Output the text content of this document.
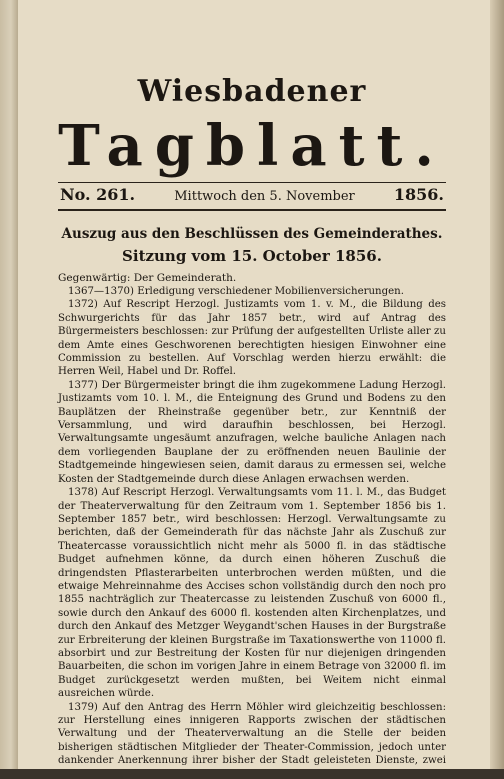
Wiesbadener
Tagblatt.
No. 261.	Mittwoch den 5. November 1856.
Auszug aus den Beschlüssen des Gemeinderathes.
Sitzung vom 15. October 1856.
Gegenwärtig: Der Gemeinderath.

1367—1370) Erledigung verschiedener Mobilienversicherungen.

1372) Auf Rescript Herzogl. Justizamts vom 1. v. M., die Bildung des Schwurgerichts für das Jahr 1857 betr., wird auf Antrag des Bürgermeisters beschlossen: zur Prüfung der aufgestellten Urliste aller zu dem Amte eines Geschworenen berechtigten hiesigen Einwohner eine Commission zu bestellen. Auf Vorschlag werden hierzu erwählt: die Herren Weil, Habel und Dr. Roffel.

1377) Der Bürgermeister bringt die ihm zugekommene Ladung Herzogl. Justizamts vom 10. l. M., die Enteignung des Grund und Bodens zu den Bauplätzen der Rheinstraße gegenüber betr., zur Kenntniß der Versammlung, und wird daraufhin beschlossen, bei Herzogl. Verwaltungsamte ungesäumt anzufragen, welche bauliche Anlagen nach dem vorliegenden Bauplane der zu eröffnenden neuen Baulinie der Stadtgemeinde hingewiesen seien, damit daraus zu ermessen sei, welche Kosten der Stadtgemeinde durch diese Anlagen erwachsen werden.

1378) Auf Rescript Herzogl. Verwaltungsamts vom 11. l. M., das Budget der Theaterverwaltung für den Zeitraum vom 1. September 1856 bis 1. September 1857 betr., wird beschlossen: Herzogl. Verwaltungsamte zu berichten, daß der Gemeinderath für das nächste Jahr als Zuschuß zur Theatercasse voraussichtlich nicht mehr als 5000 fl. in das städtische Budget aufnehmen könne, da durch einen höheren Zuschuß die dringendsten Pflasterarbeiten unterbrochen werden müßten, und die etwaige Mehreinnahme des Accises schon vollständig durch den noch pro 1855 nachträglich zur Theatercasse zu leistenden Zuschuß von 6000 fl., sowie durch den Ankauf des 6000 fl. kostenden alten Kirchenplatzes, und durch den Ankauf des Metzger Weygandt'schen Hauses in der Burgstraße zur Erbreiterung der kleinen Burgstraße im Taxationswerthe von 11000 fl. absorbirt und zur Bestreitung der Kosten für nur diejenigen dringenden Bauarbeiten, die schon im vorigen Jahre in einem Betrage von 32000 fl. im Budget zurückgesetzt werden mußten, bei Weitem nicht einmal ausreichen würde.

1379) Auf den Antrag des Herrn Möhler wird gleichzeitig beschlossen: zur Herstellung eines innigeren Rapports zwischen der städtischen Verwaltung und der Theaterverwaltung an die Stelle der beiden bisherigen städtischen Mitglieder der Theater-Commission, jedoch unter dankender Anerkennung ihrer bisher der Stadt geleisteten Dienste, zwei
